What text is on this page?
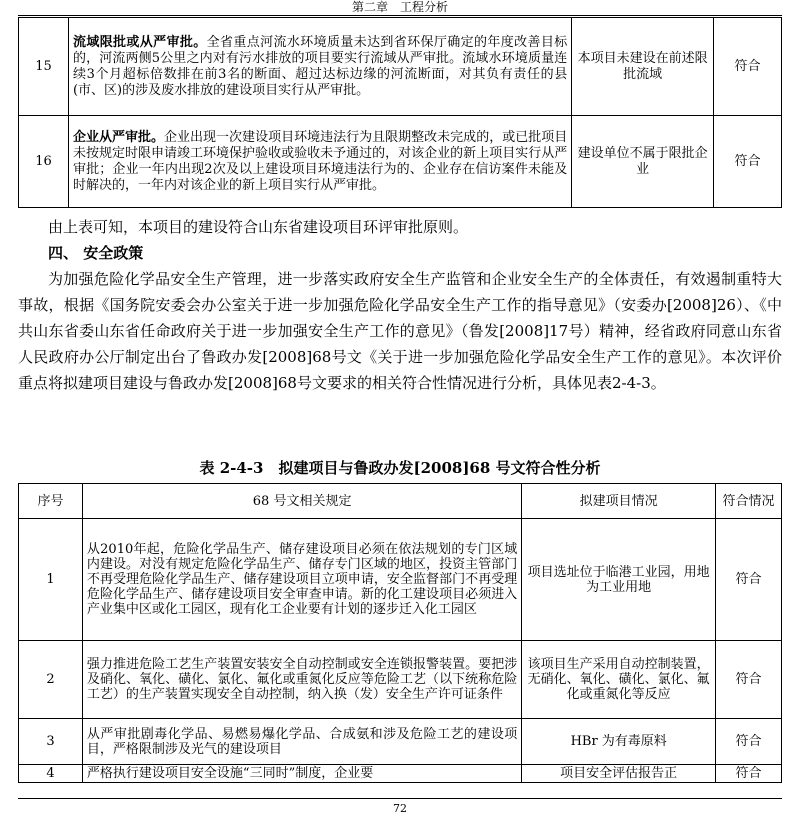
第二章　工程分析
15	流域限批或从严审批。全省重点河流水环境质量未达到省环保厅确定的年度改善目标的，河流两侧5公里之内对有污水排放的项目要实行流域从严审批。流域水环境质量连续3个月超标倍数排在前3名的断面、超过达标边缘的河流断面，对其负有责任的县(市、区)的涉及废水排放的建设项目实行从严审批。	本项目未建设在前述限批流域	符合
16	企业从严审批。企业出现一次建设项目环境违法行为且限期整改未完成的，或已批项目未按规定时限申请竣工环境保护验收或验收未予通过的，对该企业的新上项目实行从严审批；企业一年内出现2次及以上建设项目环境违法行为的、企业存在信访案件未能及时解决的，一年内对该企业的新上项目实行从严审批。	建设单位不属于限批企业	符合

由上表可知，本项目的建设符合山东省建设项目环评审批原则。

四、 安全政策

为加强危险化学品安全生产管理，进一步落实政府安全生产监管和企业安全生产的全体责任，有效遏制重特大事故，根据《国务院安委会办公室关于进一步加强危险化学品安全生产工作的指导意见》（安委办[2008]26）、《中共山东省委山东省任命政府关于进一步加强安全生产工作的意见》（鲁发[2008]17号）精神，经省政府同意山东省人民政府办公厅制定出台了鲁政办发[2008]68号文《关于进一步加强危险化学品安全生产工作的意见》。本次评价重点将拟建项目建设与鲁政办发[2008]68号文要求的相关符合性情况进行分析，具体见表2-4-3。

表 2-4-3　拟建项目与鲁政办发[2008]68 号文符合性分析
序号	68 号文相关规定	拟建项目情况	符合情况
1	从2010年起，危险化学品生产、储存建设项目必须在依法规划的专门区域内建设。对没有规定危险化学品生产、储存专门区域的地区，投资主管部门不再受理危险化学品生产、储存建设项目立项申请，安全监督部门不再受理危险化学品生产、储存建设项目安全审查申请。新的化工建设项目必须进入产业集中区或化工园区，现有化工企业要有计划的逐步迁入化工园区	项目选址位于临港工业园，用地为工业用地	符合
2	强力推进危险工艺生产装置安装安全自动控制或安全连锁报警装置。要把涉及硝化、氧化、磺化、氯化、氟化或重氮化反应等危险工艺（以下统称危险工艺）的生产装置实现安全自动控制，纳入换（发）安全生产许可证条件	该项目生产采用自动控制装置，无硝化、氧化、磺化、氯化、氟化或重氮化等反应	符合
3	从严审批剧毒化学品、易燃易爆化学品、合成氨和涉及危险工艺的建设项目，严格限制涉及光气的建设项目	HBr 为有毒原料	符合
4	严格执行建设项目安全设施“三同时”制度，企业要	项目安全评估报告正	符合
72
